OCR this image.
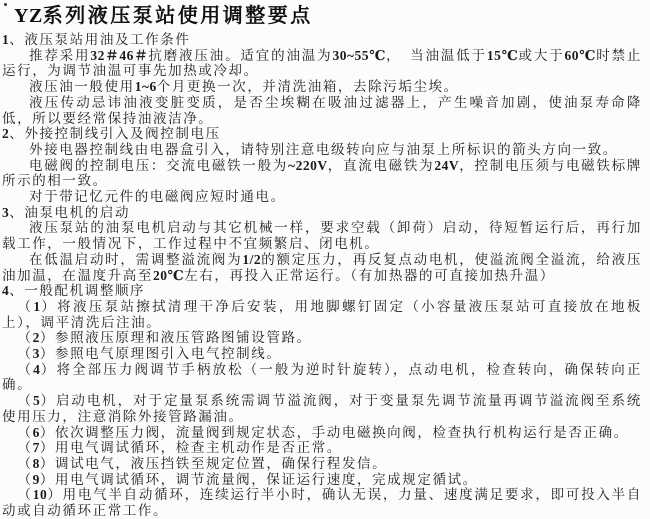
YZ系列液压泵站使用调整要点
1、液压泵站用油及工作条件
推荐采用32＃46＃抗磨液压油。适宜的油温为30~55℃，　当油温低于15℃或大于60℃时禁止运行，为调节油温可事先加热或冷却。
液压油一般使用1~6个月更换一次，并清洗油箱，去除污垢尘埃。
液压传动忌讳油液变脏变质，是否尘埃糊在吸油过滤器上，产生噪音加剧，使油泵寿命降低，所以要经常保持油液洁净。
2、外接控制线引入及阀控制电压
外接电器控制线由电器盒引入，请特别注意电级转向应与油泵上所标识的箭头方向一致。
电磁阀的控制电压：交流电磁铁一般为~220V，直流电磁铁为24V，控制电压须与电磁铁标牌所示的相一致。
对于带记忆元件的电磁阀应短时通电。
3、油泵电机的启动
液压泵站的油泵电机启动与其它机械一样，要求空载（卸荷）启动，待短暂运行后，再行加载工作，一般情况下，工作过程中不宜频繁启、闭电机。
在低温启动时，需调整溢流阀为1/2的额定压力，再反复点动电机，使溢流阀全溢流，给液压油加温，在温度升高至20℃左右，再投入正常运行。（有加热器的可直接加热升温）
4、一般配机调整顺序
（1）将液压泵站擦拭清理干净后安装，用地脚螺钉固定（小容量液压泵站可直接放在地板上），调平清洗后注油。
（2）参照液压原理和液压管路图铺设管路。
（3）参照电气原理图引入电气控制线。
（4）将全部压力阀调节手柄放松（一般为逆时针旋转），点动电机，检查转向，确保转向正确。
（5）启动电机，对于定量泵系统需调节溢流阀，对于变量泵先调节流量再调节溢流阀至系统使用压力，注意消除外接管路漏油。
（6）依次调整压力阀，流量阀到规定状态，手动电磁换向阀，检查执行机构运行是否正确。
（7）用电气调试循环，检查主机动作是否正常。
（8）调试电气，液压挡铁至规定位置，确保行程发信。
（9）用电气调试循环，调节流量阀，保证运行速度，完成规定循试。
（10）用电气半自动循环，连续运行半小时，确认无误，力量、速度满足要求，即可投入半自动或自动循环正常工作。
